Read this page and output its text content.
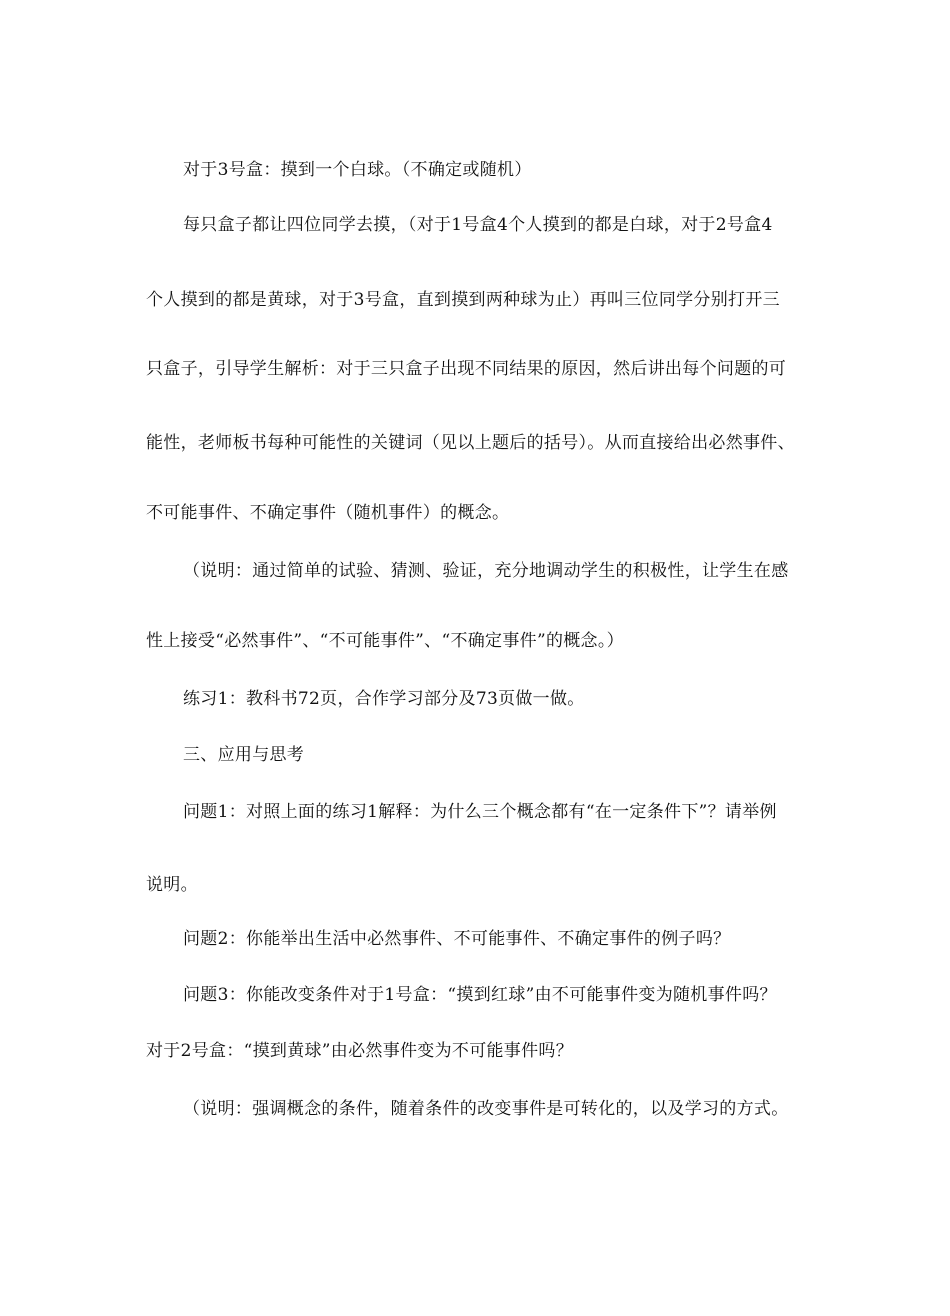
对于3号盒：摸到一个白球。（不确定或随机）
每只盒子都让四位同学去摸，（对于1号盒4个人摸到的都是白球，对于2号盒4
个人摸到的都是黄球，对于3号盒，直到摸到两种球为止）再叫三位同学分别打开三
只盒子，引导学生解析：对于三只盒子出现不同结果的原因，然后讲出每个问题的可
能性，老师板书每种可能性的关键词（见以上题后的括号）。从而直接给出必然事件、
不可能事件、不确定事件（随机事件）的概念。
（说明：通过简单的试验、猜测、验证，充分地调动学生的积极性，让学生在感
性上接受“必然事件”、“不可能事件”、“不确定事件”的概念。）
练习1：教科书72页，合作学习部分及73页做一做。
三、应用与思考
问题1：对照上面的练习1解释：为什么三个概念都有“在一定条件下”？请举例
说明。
问题2：你能举出生活中必然事件、不可能事件、不确定事件的例子吗？
问题3：你能改变条件对于1号盒：“摸到红球”由不可能事件变为随机事件吗？
对于2号盒：“摸到黄球”由必然事件变为不可能事件吗？
（说明：强调概念的条件，随着条件的改变事件是可转化的，以及学习的方式。
